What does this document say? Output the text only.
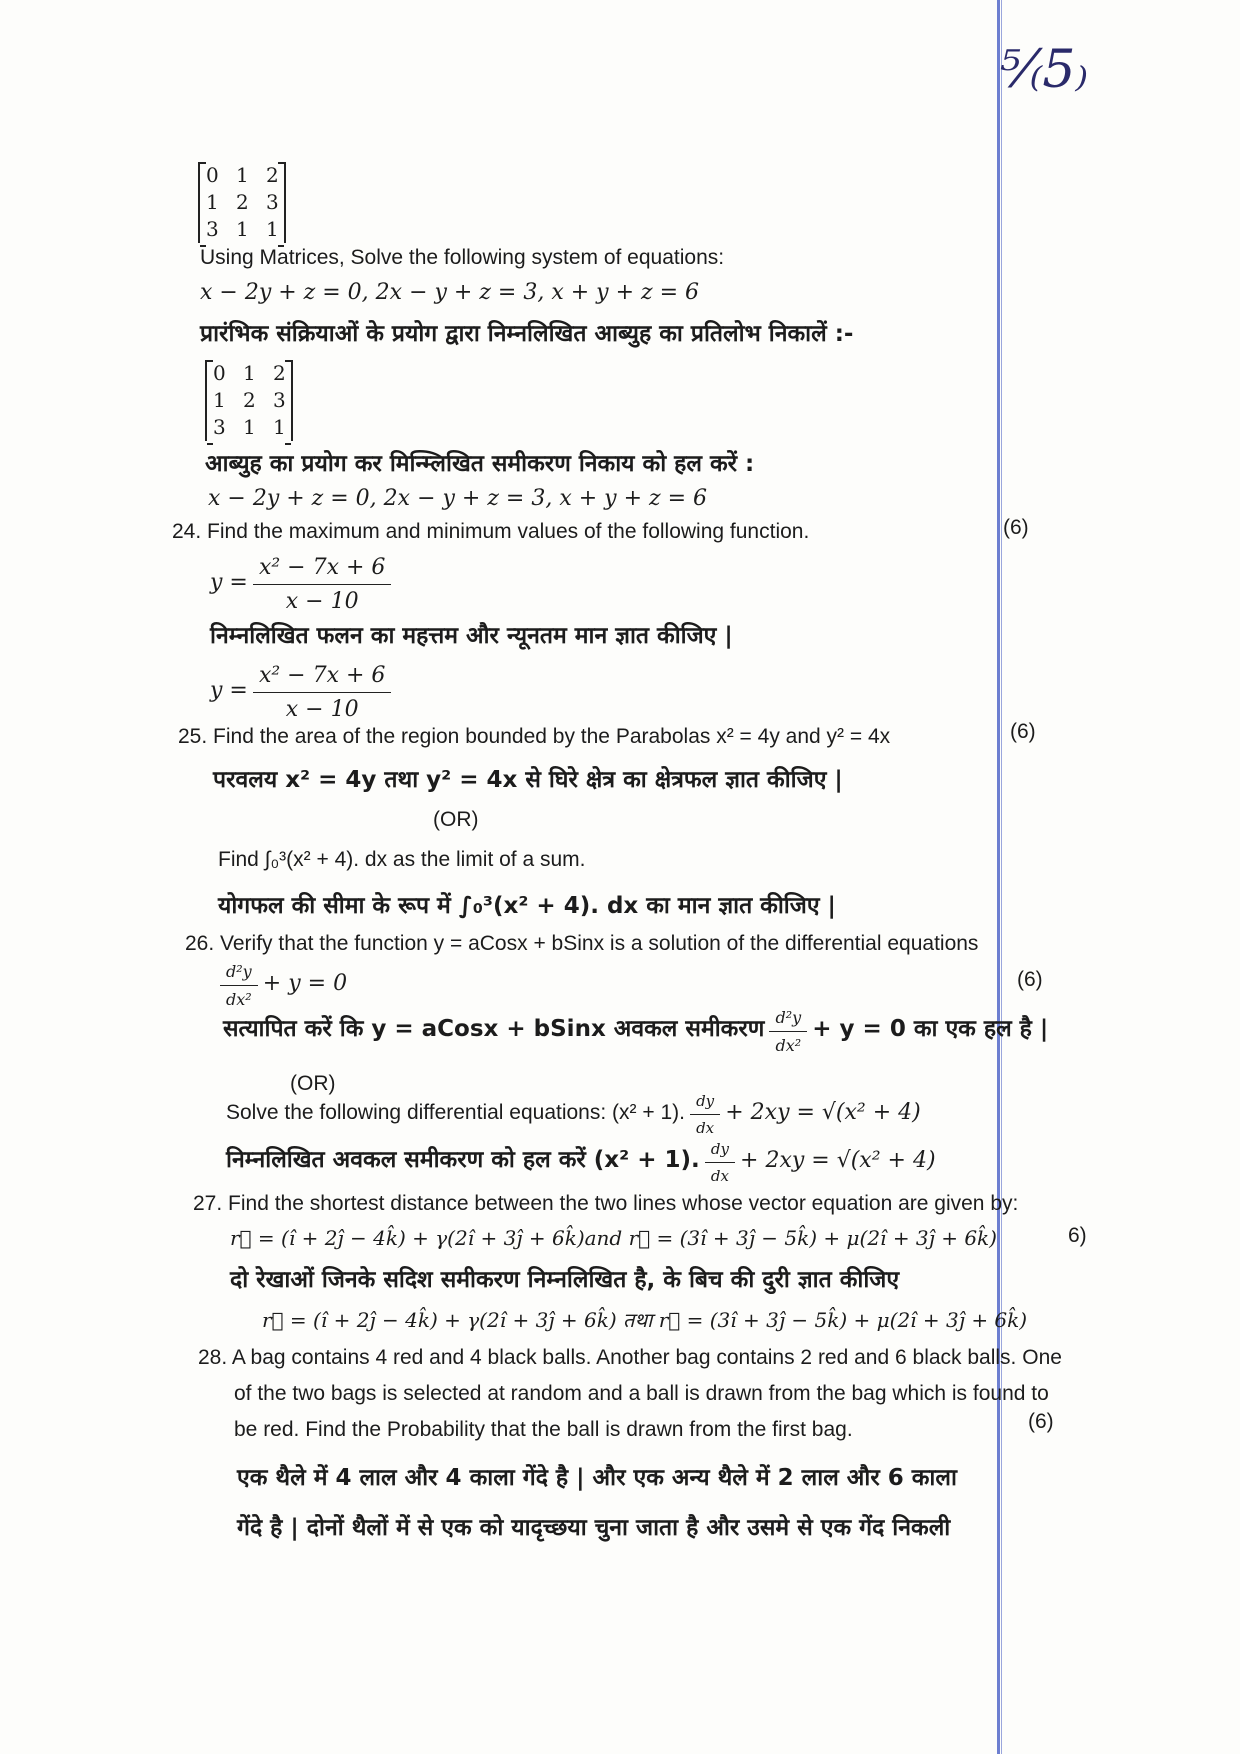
⁵⁄₍5₎
0 1 2
1 2 3
3 1 1
Using Matrices, Solve the following system of equations:
x − 2y + z = 0, 2x − y + z = 3, x + y + z = 6
प्रारंभिक संक्रियाओं के प्रयोग द्वारा निम्नलिखित आब्युह का प्रतिलोभ निकालें :-
0 1 2
1 2 3
3 1 1
आब्युह का प्रयोग कर मिन्म्लिखित समीकरण निकाय को हल करें :
x − 2y + z = 0, 2x − y + z = 3, x + y + z = 6
24. Find the maximum and minimum values of the following function.	(6)
$y = \frac{\text{x² − 7x + 6}}{x - 10}$
निम्नलिखित फलन का महत्तम और न्यूनतम मान ज्ञात कीजिए |
$y = \frac{\text{x² − 7x + 6}}{x - 10}$
25. Find the area of the region bounded by the Parabolas x² = 4y and y² = 4x	(6)
परवलय x² = 4y तथा y² = 4x से घिरे क्षेत्र का क्षेत्रफल ज्ञात कीजिए |
(OR)
Find ∫₀³(x² + 4). dx as the limit of a sum.
योगफल की सीमा के रूप में ∫₀³(x² + 4). dx का मान ज्ञात कीजिए |
26. Verify that the function y = aCosx + bSinx is a solution of the differential equations
$\frac{\text{d²y}}{\text{dx²}} + y = 0$	(6)
सत्यापित करें कि y = aCosx + bSinx अवकल समीकरण $\frac{\text{d²y}}{\text{dx²}} + y = 0$ का एक हल है |
(OR)
Solve the following differential equations: (x² + 1). $\frac{dy}{dx} + 2xy = √(x^2 + 4)$
निम्नलिखित अवकल समीकरण को हल करें (x² + 1). $\frac{dy}{dx} + 2xy = √(x^2 + 4)$
27. Find the shortest distance between the two lines whose vector equation are given by:
r⃗ = (î + 2ĵ − 4k̂) + γ(2î + 3ĵ + 6k̂)and r⃗ = (3î + 3ĵ − 5k̂) + μ(2î + 3ĵ + 6k̂)	6)
दो रेखाओं जिनके सदिश समीकरण निम्नलिखित है, के बिच की दुरी ज्ञात कीजिए
r⃗ = (î + 2ĵ − 4k̂) + γ(2î + 3ĵ + 6k̂) तथा r⃗ = (3î + 3ĵ − 5k̂) + μ(2î + 3ĵ + 6k̂)
28. A bag contains 4 red and 4 black balls. Another bag contains 2 red and 6 black balls. One
of the two bags is selected at random and a ball is drawn from the bag which is found to
be red. Find the Probability that the ball is drawn from the first bag.	(6)
एक थैले में 4 लाल और 4 काला गेंदे है | और एक अन्य थैले में 2 लाल और 6 काला
गेंदे है | दोनों थैलों में से एक को यादृच्छया चुना जाता है और उसमे से एक गेंद निकली
